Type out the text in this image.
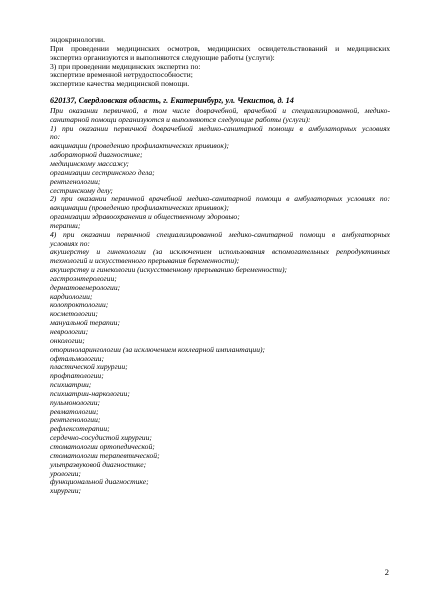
эндокринологии.
При проведении медицинских осмотров, медицинских освидетельствований и медицинских
экспертиз организуются и выполняются следующие работы (услуги):
3) при проведении медицинских экспертиз по:
экспертизе временной нетрудоспособности;
экспертизе качества медицинской помощи.
620137, Свердловская область, г. Екатеринбург, ул. Чекистов, д. 14
При оказании первичной, в том числе доврачебной, врачебной и специализированной, медико-
санитарной помощи организуются и выполняются следующие работы (услуги):
1) при оказании первичной доврачебной медико-санитарной помощи в амбулаторных условиях
по:
вакцинации (проведению профилактических прививок);
лабораторной диагностике;
медицинскому массажу;
организации сестринского дела;
рентгенологии;
сестринскому делу;
2) при оказании первичной врачебной медико-санитарной помощи в амбулаторных условиях по:
вакцинации (проведению профилактических прививок);
организации здравоохранения и общественному здоровью;
терапии;
4) при оказании первичной специализированной медико-санитарной помощи в амбулаторных
условиях по:
акушерству и гинекологии (за исключением использования вспомогательных репродуктивных
технологий и искусственного прерывания беременности);
акушерству и гинекологии (искусственному прерыванию беременности);
гастроэнтерологии;
дерматовенерологии;
кардиологии;
колопроктологии;
косметологии;
мануальной терапии;
неврологии;
онкологии;
оториноларингологии (за исключением кохлеарной имплантации);
офтальмологии;
пластической хирургии;
профпатологии;
психиатрии;
психиатрии-наркологии;
пульмонологии;
ревматологии;
рентгенологии;
рефлексотерапии;
сердечно-сосудистой хирургии;
стоматологии ортопедической;
стоматологии терапевтической;
ультразвуковой диагностике;
урологии;
функциональной диагностике;
хирургии;
2
